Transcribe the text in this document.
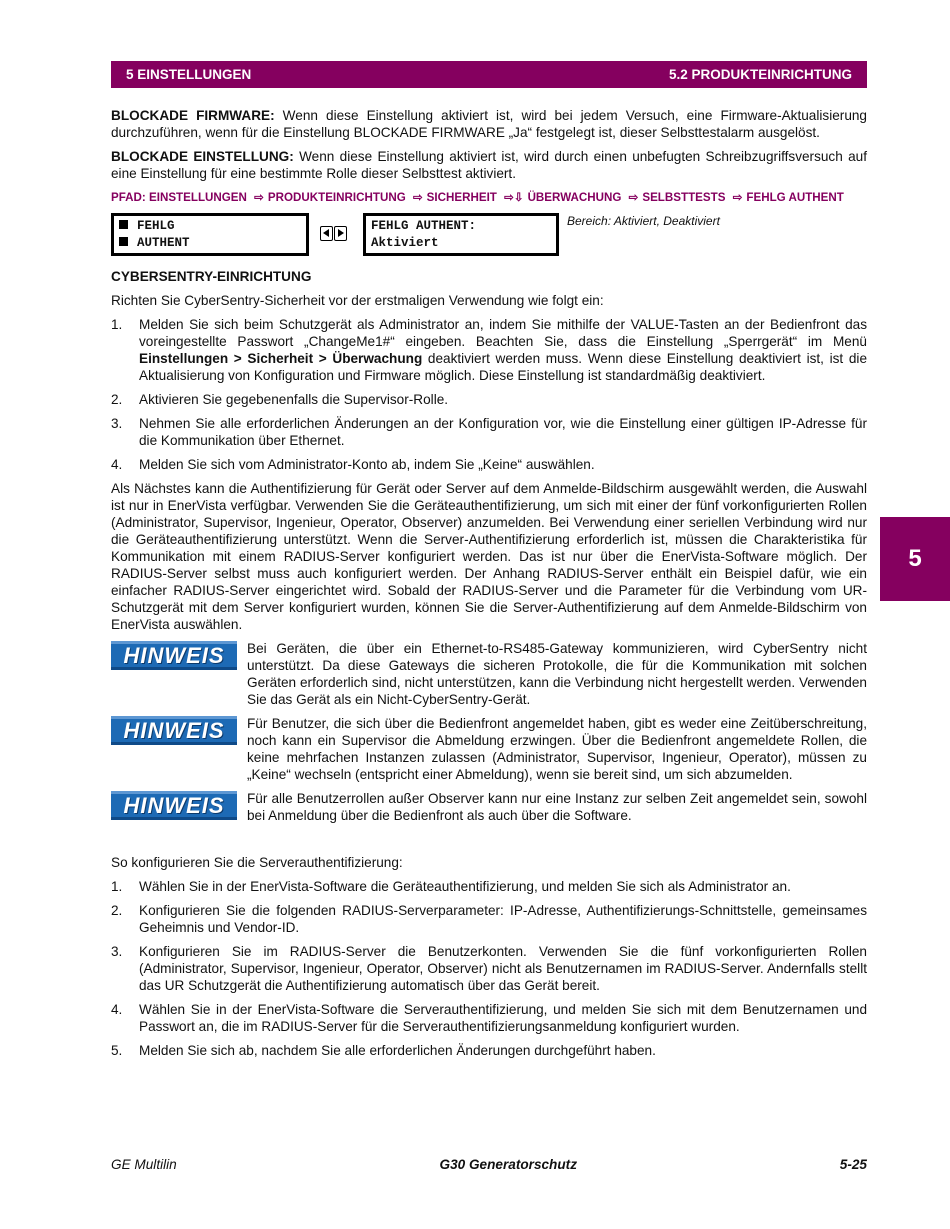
5 EINSTELLUNGEN	5.2 PRODUKTEINRICHTUNG

BLOCKADE FIRMWARE: Wenn diese Einstellung aktiviert ist, wird bei jedem Versuch, eine Firmware-Aktualisierung durchzuführen, wenn für die Einstellung BLOCKADE FIRMWARE „Ja“ festgelegt ist, dieser Selbsttestalarm ausgelöst.

BLOCKADE EINSTELLUNG: Wenn diese Einstellung aktiviert ist, wird durch einen unbefugten Schreibzugriffsversuch auf eine Einstellung für eine bestimmte Rolle dieser Selbsttest aktiviert.

PFAD: EINSTELLUNGEN ⇨ PRODUKTEINRICHTUNG ⇨ SICHERHEIT ⇨⇩ ÜBERWACHUNG ⇨ SELBSTTESTS ⇨ FEHLG AUTHENT
FEHLG
AUTHENT
FEHLG AUTHENT:
Aktiviert
Bereich: Aktiviert, Deaktiviert
CYBERSENTRY-EINRICHTUNG

Richten Sie CyberSentry-Sicherheit vor der erstmaligen Verwendung wie folgt ein:

1. Melden Sie sich beim Schutzgerät als Administrator an, indem Sie mithilfe der VALUE-Tasten an der Bedienfront das voreingestellte Passwort „ChangeMe1#“ eingeben. Beachten Sie, dass die Einstellung „Sperrgerät“ im Menü Einstellungen > Sicherheit > Überwachung deaktiviert werden muss. Wenn diese Einstellung deaktiviert ist, ist die Aktualisierung von Konfiguration und Firmware möglich. Diese Einstellung ist standardmäßig deaktiviert.
2. Aktivieren Sie gegebenenfalls die Supervisor-Rolle.
3. Nehmen Sie alle erforderlichen Änderungen an der Konfiguration vor, wie die Einstellung einer gültigen IP-Adresse für die Kommunikation über Ethernet.
4. Melden Sie sich vom Administrator-Konto ab, indem Sie „Keine“ auswählen.

Als Nächstes kann die Authentifizierung für Gerät oder Server auf dem Anmelde-Bildschirm ausgewählt werden, die Auswahl ist nur in EnerVista verfügbar. Verwenden Sie die Geräteauthentifizierung, um sich mit einer der fünf vorkonfigurierten Rollen (Administrator, Supervisor, Ingenieur, Operator, Observer) anzumelden. Bei Verwendung einer seriellen Verbindung wird nur die Geräteauthentifizierung unterstützt. Wenn die Server-Authentifizierung erforderlich ist, müssen die Charakteristika für Kommunikation mit einem RADIUS-Server konfiguriert werden. Das ist nur über die EnerVista-Software möglich. Der RADIUS-Server selbst muss auch konfiguriert werden. Der Anhang RADIUS-Server enthält ein Beispiel dafür, wie ein einfacher RADIUS-Server eingerichtet wird. Sobald der RADIUS-Server und die Parameter für die Verbindung vom UR-Schutzgerät mit dem Server konfiguriert wurden, können Sie die Server-Authentifizierung auf dem Anmelde-Bildschirm von EnerVista auswählen.

HINWEIS	Bei Geräten, die über ein Ethernet-to-RS485-Gateway kommunizieren, wird CyberSentry nicht unterstützt. Da diese Gateways die sicheren Protokolle, die für die Kommunikation mit solchen Geräten erforderlich sind, nicht unterstützen, kann die Verbindung nicht hergestellt werden. Verwenden Sie das Gerät als ein Nicht-CyberSentry-Gerät.

HINWEIS	Für Benutzer, die sich über die Bedienfront angemeldet haben, gibt es weder eine Zeitüberschreitung, noch kann ein Supervisor die Abmeldung erzwingen. Über die Bedienfront angemeldete Rollen, die keine mehrfachen Instanzen zulassen (Administrator, Supervisor, Ingenieur, Operator), müssen zu „Keine“ wechseln (entspricht einer Abmeldung), wenn sie bereit sind, um sich abzumelden.

HINWEIS	Für alle Benutzerrollen außer Observer kann nur eine Instanz zur selben Zeit angemeldet sein, sowohl bei Anmeldung über die Bedienfront als auch über die Software.

So konfigurieren Sie die Serverauthentifizierung:

1. Wählen Sie in der EnerVista-Software die Geräteauthentifizierung, und melden Sie sich als Administrator an.
2. Konfigurieren Sie die folgenden RADIUS-Serverparameter: IP-Adresse, Authentifizierungs-Schnittstelle, gemeinsames Geheimnis und Vendor-ID.
3. Konfigurieren Sie im RADIUS-Server die Benutzerkonten. Verwenden Sie die fünf vorkonfigurierten Rollen (Administrator, Supervisor, Ingenieur, Operator, Observer) nicht als Benutzernamen im RADIUS-Server. Andernfalls stellt das UR Schutzgerät die Authentifizierung automatisch über das Gerät bereit.
4. Wählen Sie in der EnerVista-Software die Serverauthentifizierung, und melden Sie sich mit dem Benutzernamen und Passwort an, die im RADIUS-Server für die Serverauthentifizierungsanmeldung konfiguriert wurden.
5. Melden Sie sich ab, nachdem Sie alle erforderlichen Änderungen durchgeführt haben.
5
GE Multilin	G30 Generatorschutz	5-25
